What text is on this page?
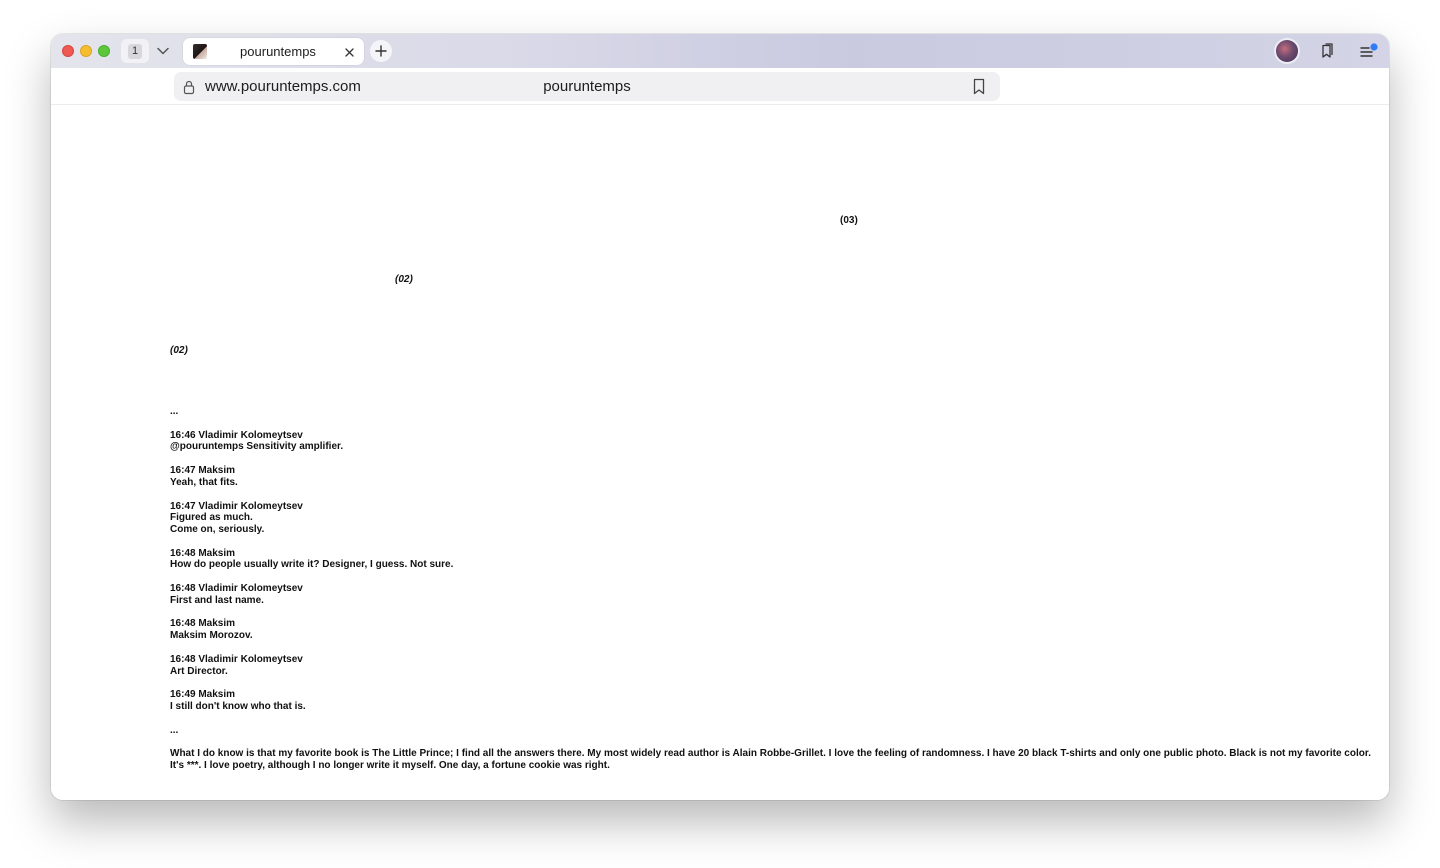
1	pouruntemps
www.pouruntemps.com	pouruntemps
(03)
(02)
(02)

...

16:46 Vladimir Kolomeytsev

@pouruntemps Sensitivity amplifier.

16:47 Maksim

Yeah, that fits.

16:47 Vladimir Kolomeytsev

Figured as much.

Come on, seriously.

16:48 Maksim

How do people usually write it? Designer, I guess. Not sure.

16:48 Vladimir Kolomeytsev

First and last name.

16:48 Maksim

Maksim Morozov.

16:48 Vladimir Kolomeytsev

Art Director.

16:49 Maksim

I still don't know who that is.

...

What I do know is that my favorite book is The Little Prince; I find all the answers there. My most widely read author is Alain Robbe-Grillet. I love the feeling of randomness. I have 20 black T-shirts and only one public photo. Black is not my favorite color. It's ***. I love poetry, although I no longer write it myself. One day, a fortune cookie was right.
